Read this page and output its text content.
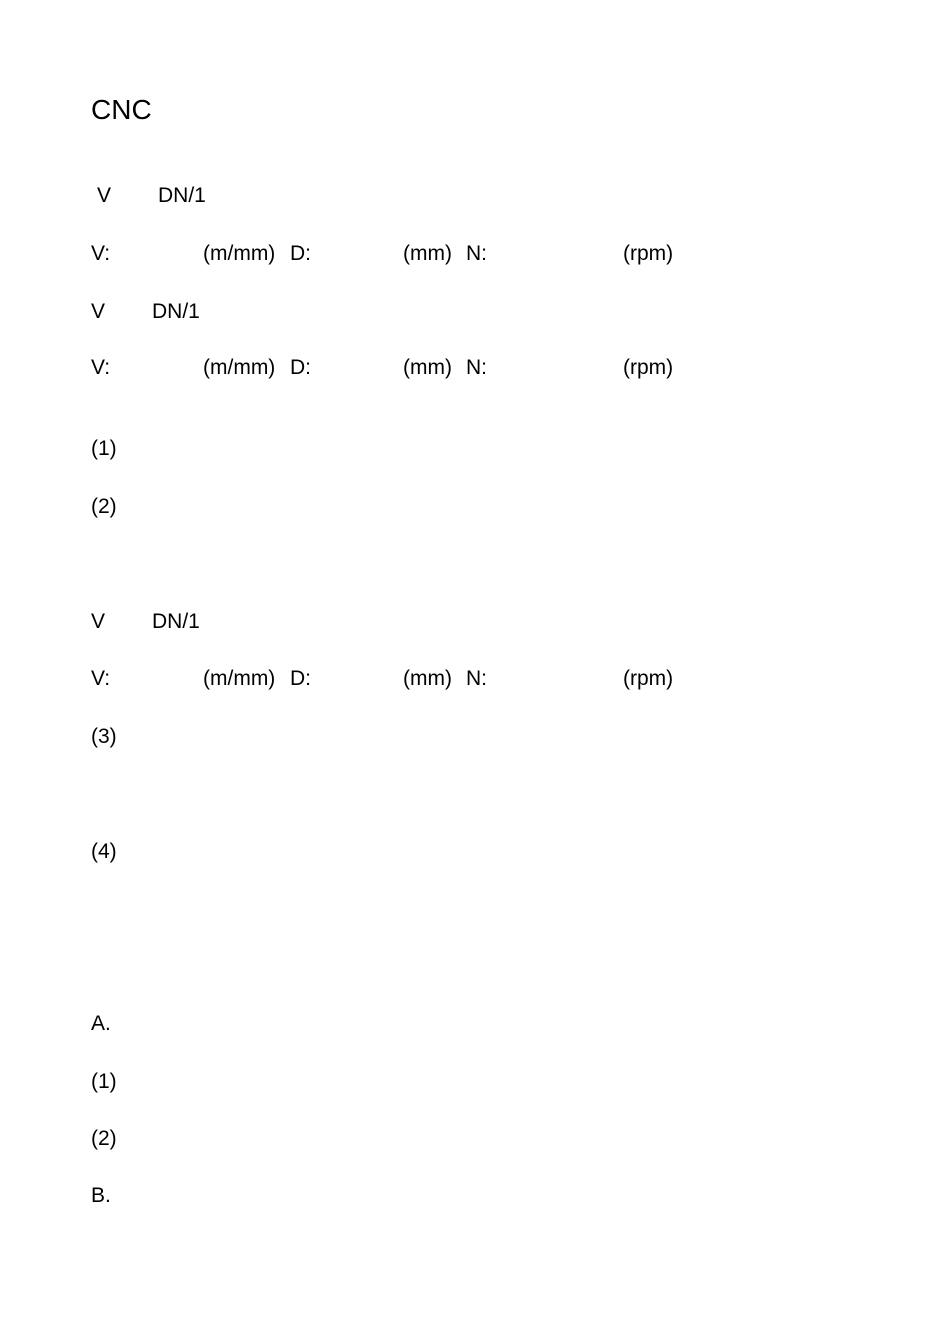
CNC
V DN/1
V:	(m/mm) D:	(mm) N:	(rpm)
V DN/1
V:	(m/mm) D:	(mm) N:	(rpm)
(1)
(2)
V DN/1
V:	(m/mm) D:	(mm) N:	(rpm)
(3)
(4)
A.
(1)
(2)
B.
